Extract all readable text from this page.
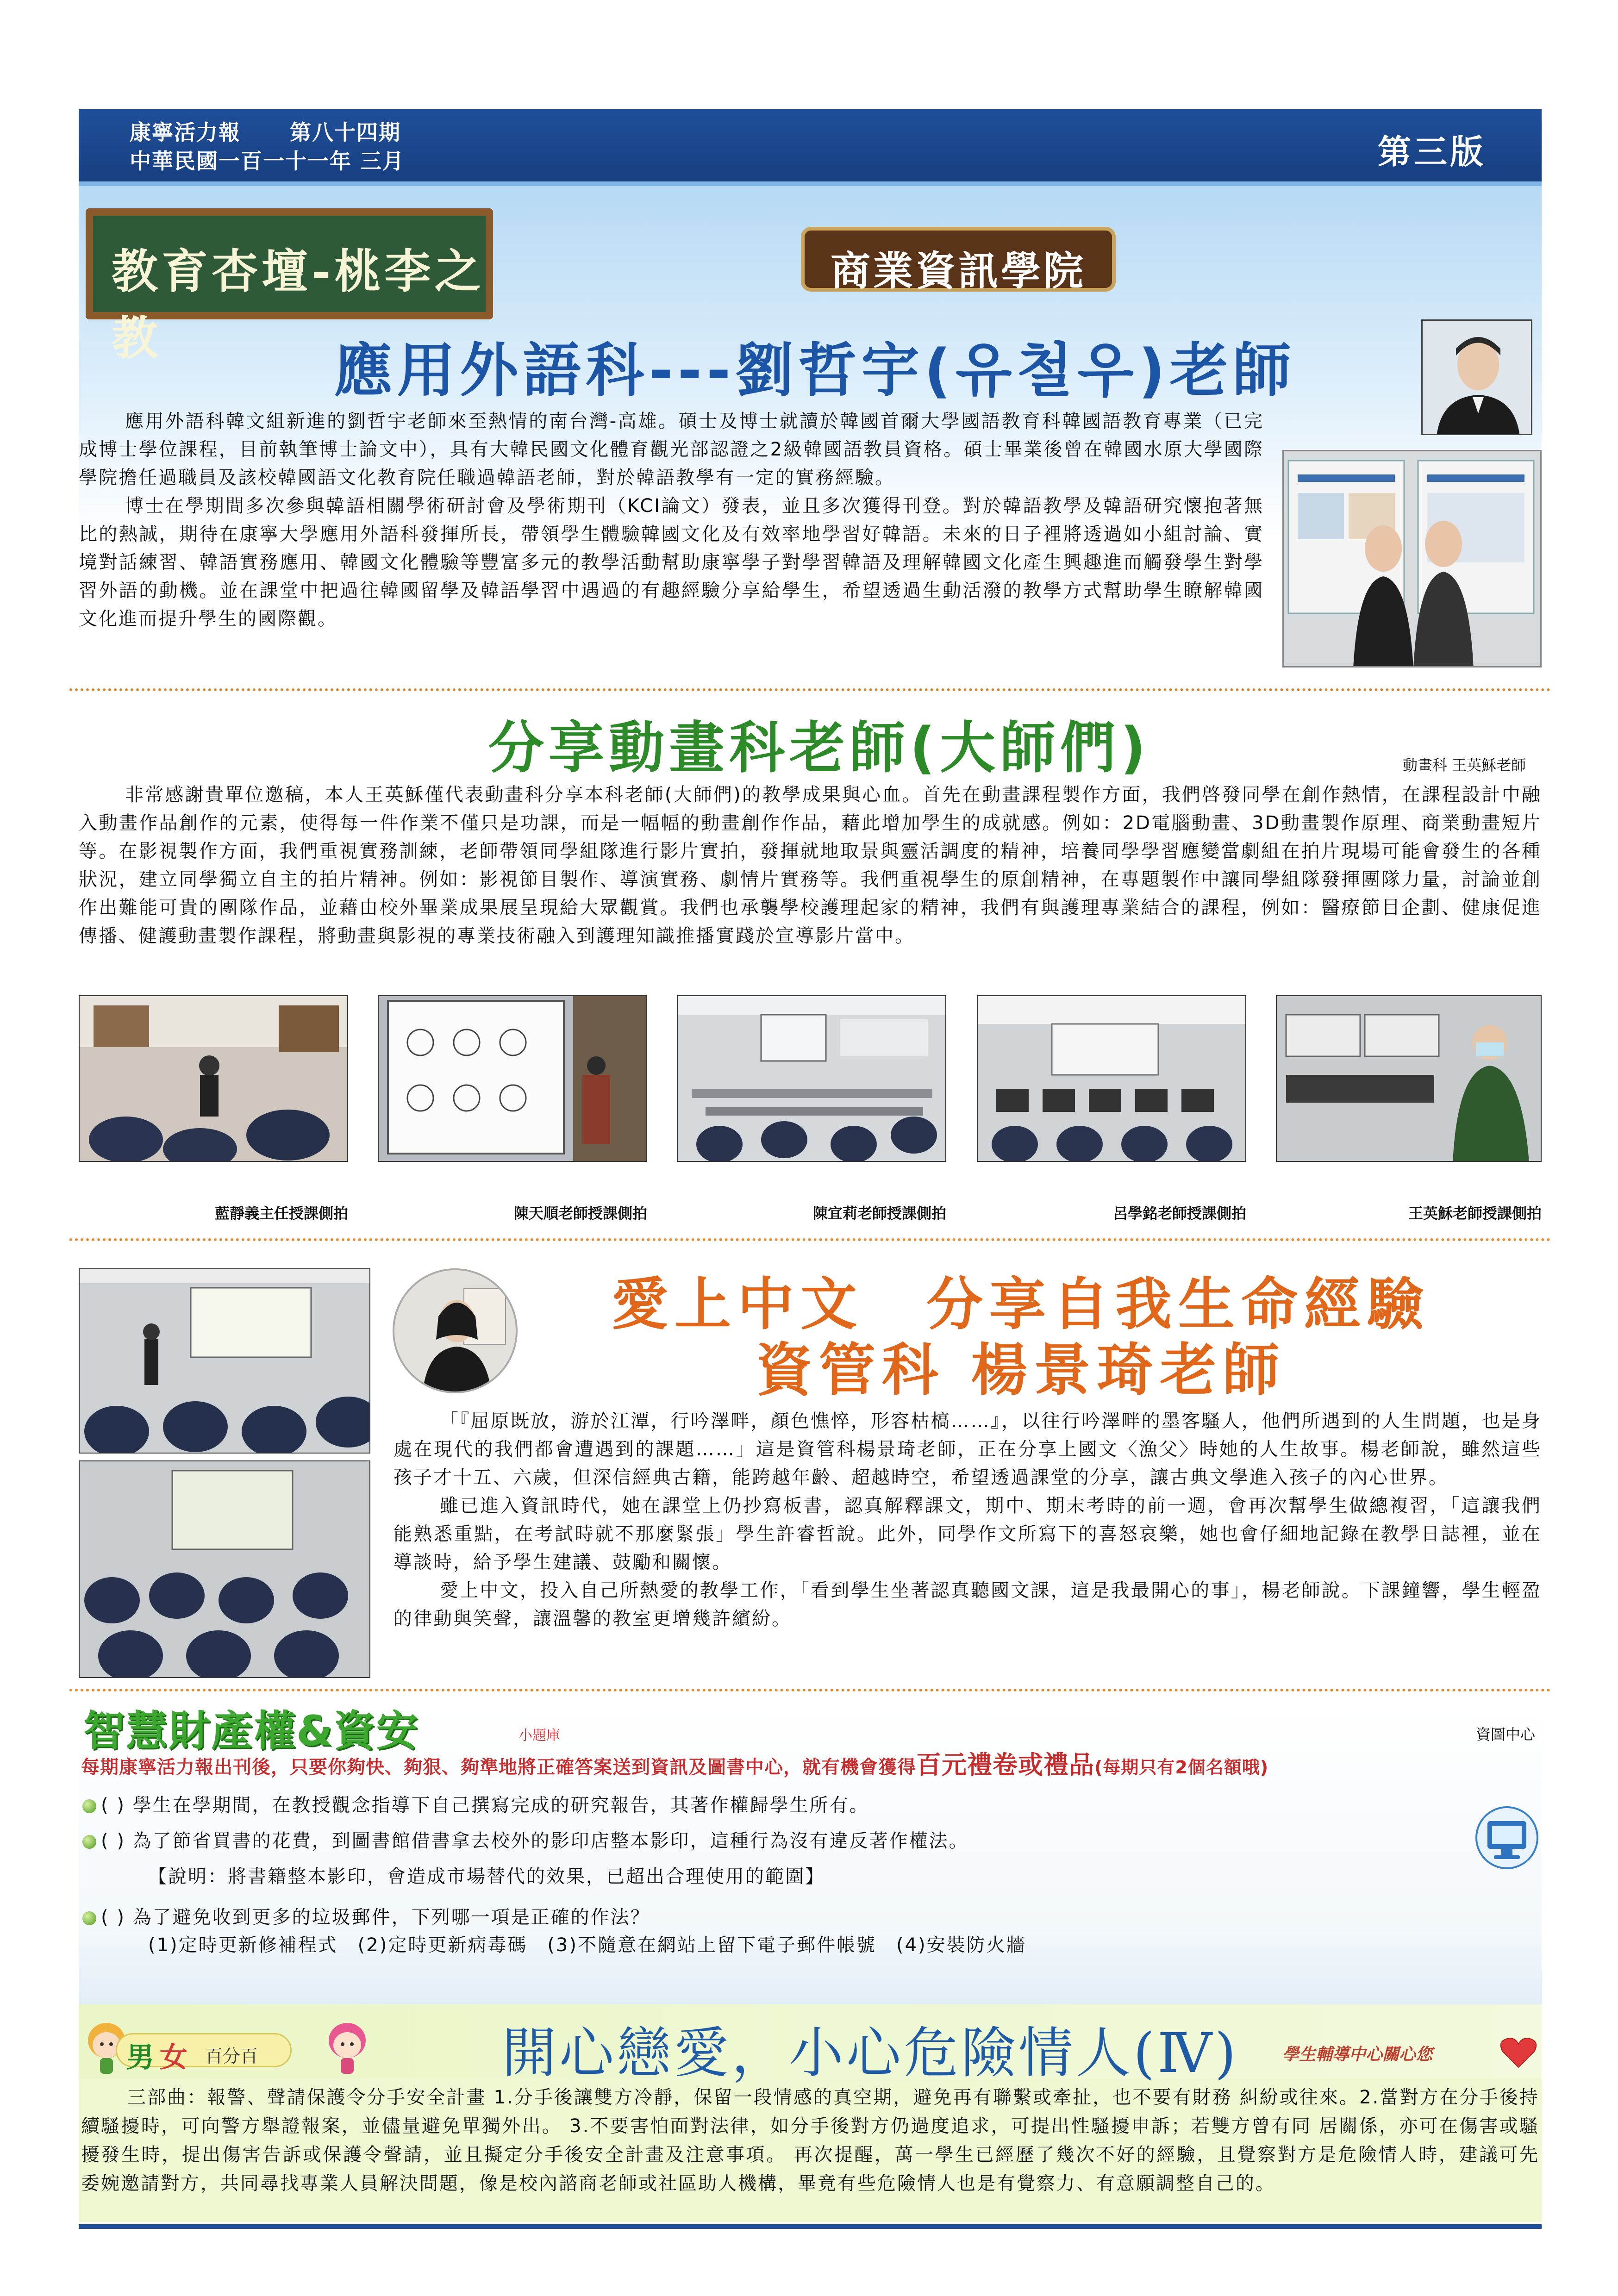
康寧活力報 第八十四期
中華民國一百一十一年 三月	第三版
教育杏壇-桃李之教
商業資訊學院
應用外語科---劉哲宇(유철우)老師

應用外語科韓文組新進的劉哲宇老師來至熱情的南台灣-高雄。碩士及博士就讀於韓國首爾大學國語教育科韓國語教育專業（已完成博士學位課程，目前執筆博士論文中），具有大韓民國文化體育觀光部認證之2級韓國語教員資格。碩士畢業後曾在韓國水原大學國際學院擔任過職員及該校韓國語文化教育院任職過韓語老師，對於韓語教學有一定的實務經驗。

博士在學期間多次參與韓語相關學術研討會及學術期刊（KCI論文）發表，並且多次獲得刊登。對於韓語教學及韓語研究懷抱著無比的熱誠，期待在康寧大學應用外語科發揮所長，帶領學生體驗韓國文化及有效率地學習好韓語。未來的日子裡將透過如小組討論、實境對話練習、韓語實務應用、韓國文化體驗等豐富多元的教學活動幫助康寧學子對學習韓語及理解韓國文化產生興趣進而觸發學生對學習外語的動機。並在課堂中把過往韓國留學及韓語學習中遇過的有趣經驗分享給學生，希望透過生動活潑的教學方式幫助學生瞭解韓國文化進而提升學生的國際觀。

分享動畫科老師(大師們)	動畫科 王英穌老師

非常感謝貴單位邀稿，本人王英穌僅代表動畫科分享本科老師(大師們)的教學成果與心血。首先在動畫課程製作方面，我們啓發同學在創作熱情，在課程設計中融入動畫作品創作的元素，使得每一件作業不僅只是功課，而是一幅幅的動畫創作作品，藉此增加學生的成就感。例如：2D電腦動畫、3D動畫製作原理、商業動畫短片等。在影視製作方面，我們重視實務訓練，老師帶領同學組隊進行影片實拍，發揮就地取景與靈活調度的精神，培養同學學習應變當劇組在拍片現場可能會發生的各種狀況，建立同學獨立自主的拍片精神。例如：影視節目製作、導演實務、劇情片實務等。我們重視學生的原創精神，在專題製作中讓同學組隊發揮團隊力量，討論並創作出難能可貴的團隊作品，並藉由校外畢業成果展呈現給大眾觀賞。我們也承襲學校護理起家的精神，我們有與護理專業結合的課程，例如：醫療節目企劃、健康促進傳播、健護動畫製作課程，將動畫與影視的專業技術融入到護理知識推播實踐於宣導影片當中。

藍靜義主任授課側拍	陳天順老師授課側拍	陳宜莉老師授課側拍	呂學銘老師授課側拍	王英穌老師授課側拍
愛上中文　分享自我生命經驗
資管科 楊景琦老師

「『屈原既放，游於江潭，行吟澤畔，顏色憔悴，形容枯槁……』，以往行吟澤畔的墨客騷人，他們所遇到的人生問題，也是身處在現代的我們都會遭遇到的課題……」這是資管科楊景琦老師，正在分享上國文〈漁父〉時她的人生故事。楊老師說，雖然這些孩子才十五、六歲，但深信經典古籍，能跨越年齡、超越時空，希望透過課堂的分享，讓古典文學進入孩子的內心世界。

雖已進入資訊時代，她在課堂上仍抄寫板書，認真解釋課文，期中、期末考時的前一週，會再次幫學生做總複習，「這讓我們能熟悉重點，在考試時就不那麼緊張」學生許睿哲說。此外，同學作文所寫下的喜怒哀樂，她也會仔細地記錄在教學日誌裡，並在導談時，給予學生建議、鼓勵和關懷。

愛上中文，投入自己所熱愛的教學工作，「看到學生坐著認真聽國文課，這是我最開心的事」，楊老師說。下課鐘響，學生輕盈的律動與笑聲，讓溫馨的教室更增幾許繽紛。

智慧財產權&資安	小題庫	資圖中心
每期康寧活力報出刊後，只要你夠快、夠狠、夠準地將正確答案送到資訊及圖書中心，就有機會獲得百元禮卷或禮品(每期只有2個名額哦)
( ) 學生在學期間，在教授觀念指導下自己撰寫完成的研究報告，其著作權歸學生所有。
( ) 為了節省買書的花費，到圖書館借書拿去校外的影印店整本影印，這種行為沒有違反著作權法。
【說明：將書籍整本影印，會造成市場替代的效果，已超出合理使用的範圍】
( ) 為了避免收到更多的垃圾郵件，下列哪一項是正確的作法？
(1)定時更新修補程式　(2)定時更新病毒碼　(3)不隨意在網站上留下電子郵件帳號　(4)安裝防火牆
男 女 百分百	開心戀愛，小心危險情人(Ⅳ)	學生輔導中心關心您

三部曲：報警、聲請保護令分手安全計畫 1.分手後讓雙方冷靜，保留一段情感的真空期，避免再有聯繫或牽扯，也不要有財務 糾紛或往來。2.當對方在分手後持續騷擾時，可向警方舉證報案，並儘量避免單獨外出。 3.不要害怕面對法律，如分手後對方仍過度追求，可提出性騷擾申訴；若雙方曾有同 居關係，亦可在傷害或騷擾發生時，提出傷害告訴或保護令聲請，並且擬定分手後安全計畫及注意事項。 再次提醒，萬一學生已經歷了幾次不好的經驗，且覺察對方是危險情人時，建議可先委婉邀請對方，共同尋找專業人員解決問題，像是校內諮商老師或社區助人機構，畢竟有些危險情人也是有覺察力、有意願調整自己的。
